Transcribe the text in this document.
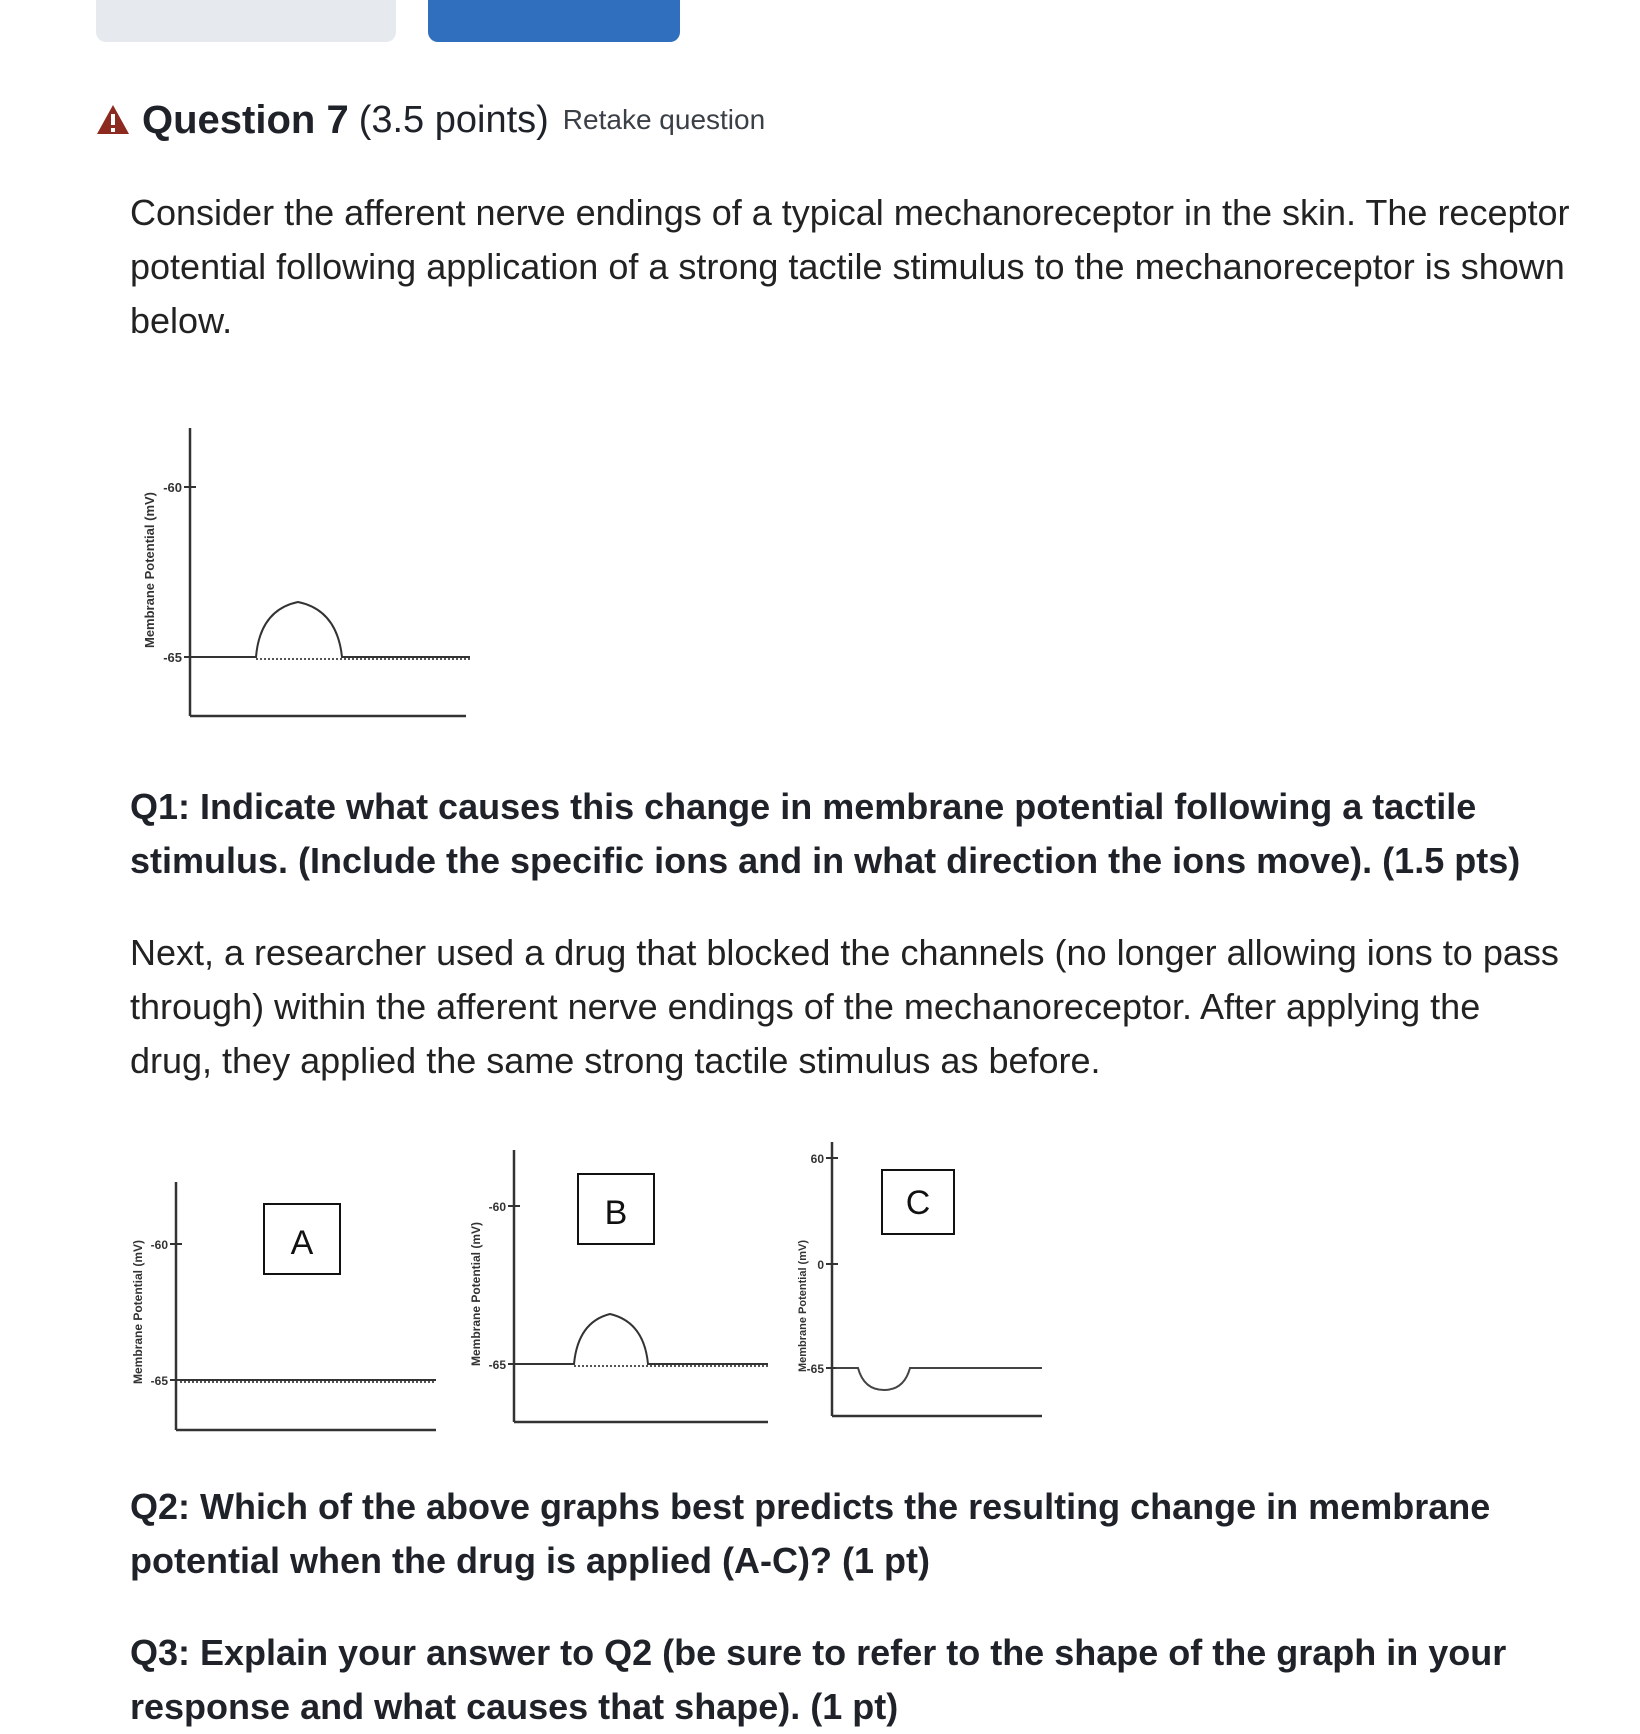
Question 7 (3.5 points) Retake question
Consider the afferent nerve endings of a typical mechanoreceptor in the skin. The receptor potential following application of a strong tactile stimulus to the mechanoreceptor is shown below.
-60
-65
Membrane Potential (mV)
Q1: Indicate what causes this change in membrane potential following a tactile stimulus. (Include the specific ions and in what direction the ions move). (1.5 pts)
Next, a researcher used a drug that blocked the channels (no longer allowing ions to pass through) within the afferent nerve endings of the mechanoreceptor. After applying the drug, they applied the same strong tactile stimulus as before.
-60
-65
Membrane Potential (mV)	A
-60
-65
Membrane Potential (mV)
B
60
0
-65
Membrane Potential (mV)
C
Q2: Which of the above graphs best predicts the resulting change in membrane potential when the drug is applied (A-C)? (1 pt)
Q3: Explain your answer to Q2 (be sure to refer to the shape of the graph in your response and what causes that shape). (1 pt)
